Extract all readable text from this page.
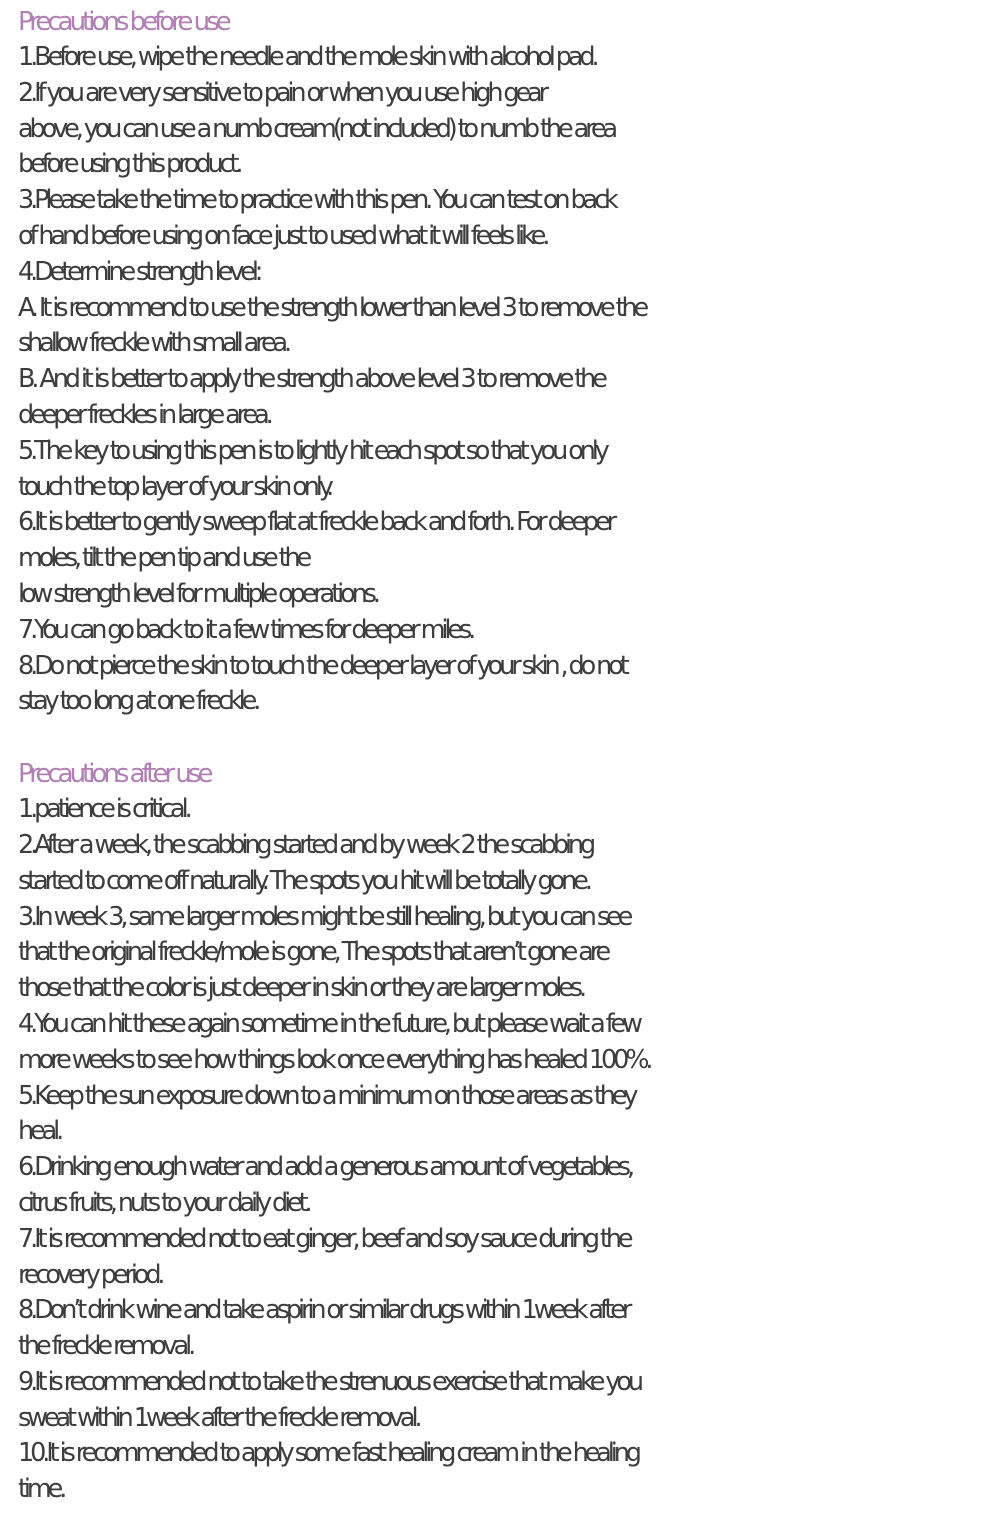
Precautions before use

1.Before use, wipe the needle and the mole skin with alcohol pad.

2.If you are very sensitive to pain or when you use high gear

above, you can use a numb cream(not included) to numb the area

before using this product.

3.Please take the time to practice with this pen. You can test on back

of hand before using on face just to used what it will feels like.

4.Determine strength level:

A. It is recommend to use the strength lower than level 3 to remove the

shallow freckle with small area.

B. And it is better to apply the strength above level 3 to remove the

deeper freckles in large area.

5.The key to using this pen is to lightly hit each spot so that you only

touch the top layer of your skin only.

6.It is better to gently sweep flat at freckle back and forth. For deeper

moles, tilt the pen tip and use the

low strength level for multiple operations.

7.You can go back to it a few times for deeper miles.

8.Do not pierce the skin to touch the deeper layer of your skin , do not

stay too long at one freckle.

Precautions after use

1.patience is critical.

2.After a week, the scabbing started and by week 2 the scabbing

started to come off naturally. The spots you hit will be totally gone.

3.In week 3, same larger moles might be still healing, but you can see

that the original freckle/mole is gone, The spots that aren’t gone are

those that the color is just deeper in skin or they are larger moles.

4.You can hit these again sometime in the future, but please wait a few

more weeks to see how things look once everything has healed 100%.

5.Keep the sun exposure down to a minimum on those areas as they

heal.

6.Drinking enough water and add a generous amount of vegetables,

citrus fruits, nuts to your daily diet.

7.It is recommended not to eat ginger, beef and soy sauce during the

recovery period.

8.Don’t drink wine and take aspirin or similar drugs within 1week after

the freckle removal.

9.It is recommended not to take the strenuous exercise that make you

sweat within 1week after the freckle removal.

10.It is recommended to apply some fast healing cream in the healing

time.
